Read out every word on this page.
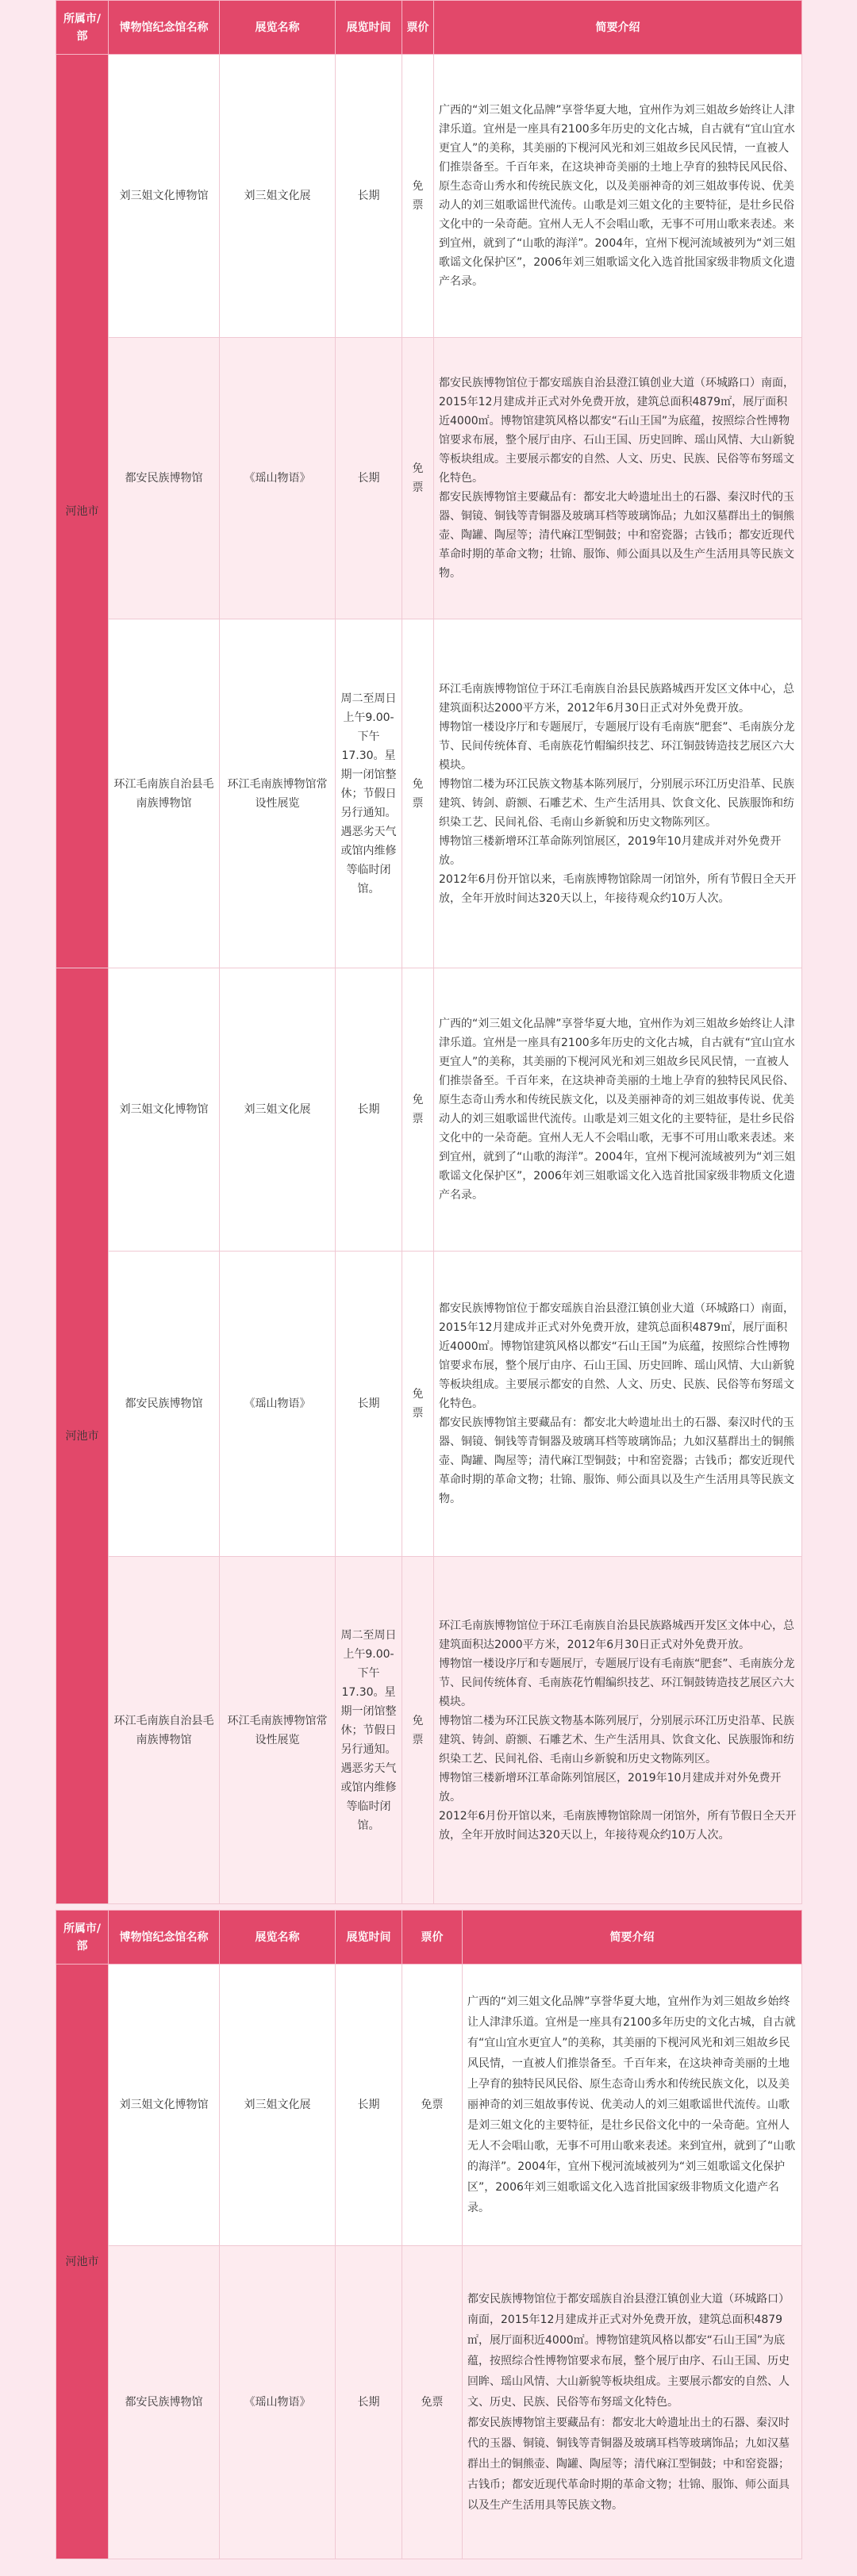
所属市/部	博物馆纪念馆名称	展览名称	展览时间	票价	简要介绍
河池市	刘三姐文化博物馆	刘三姐文化展	长期	免票	广西的“刘三姐文化品牌”享誉华夏大地，宜州作为刘三姐故乡始终让人津津乐道。宜州是一座具有2100多年历史的文化古城，自古就有“宜山宜水更宜人”的美称，其美丽的下枧河风光和刘三姐故乡民风民情，一直被人们推崇备至。千百年来，在这块神奇美丽的土地上孕育的独特民风民俗、原生态奇山秀水和传统民族文化，以及美丽神奇的刘三姐故事传说、优美动人的刘三姐歌谣世代流传。山歌是刘三姐文化的主要特征，是壮乡民俗文化中的一朵奇葩。宜州人无人不会唱山歌，无事不可用山歌来表述。来到宜州，就到了“山歌的海洋”。2004年，宜州下枧河流域被列为“刘三姐歌谣文化保护区”，2006年刘三姐歌谣文化入选首批国家级非物质文化遗产名录。

	都安民族博物馆	《瑶山物语》	长期	免票	都安民族博物馆位于都安瑶族自治县澄江镇创业大道（环城路口）南面，2015年12月建成并正式对外免费开放，建筑总面积4879㎡，展厅面积近4000㎡。博物馆建筑风格以都安“石山王国”为底蕴，按照综合性博物馆要求布展，整个展厅由序、石山王国、历史回眸、瑶山风情、大山新貌等板块组成。主要展示都安的自然、人文、历史、民族、民俗等布努瑶文化特色。
都安民族博物馆主要藏品有：都安北大岭遗址出土的石器、秦汉时代的玉器、铜镜、铜钱等青铜器及玻璃耳档等玻璃饰品；九如汉墓群出土的铜熊壶、陶罐、陶屋等；清代麻江型铜鼓；中和窑瓷器；古钱币；都安近现代革命时期的革命文物；壮锦、服饰、师公面具以及生产生活用具等民族文物。

	环江毛南族自治县毛南族博物馆	环江毛南族博物馆常设性展览	周二至周日上午9.00-下午17.30。星期一闭馆整休；节假日另行通知。遇恶劣天气或馆内维修等临时闭馆。	免票	环江毛南族博物馆位于环江毛南族自治县民族路城西开发区文体中心，总建筑面积达2000平方米，2012年6月30日正式对外免费开放。
博物馆一楼设序厅和专题展厅，专题展厅设有毛南族“肥套”、毛南族分龙节、民间传统体育、毛南族花竹帽编织技艺、环江铜鼓铸造技艺展区六大模块。
博物馆二楼为环江民族文物基本陈列展厅，分别展示环江历史沿革、民族建筑、铸剑、蔚额、石雕艺术、生产生活用具、饮食文化、民族服饰和纺织染工艺、民间礼俗、毛南山乡新貌和历史文物陈列区。
博物馆三楼新增环江革命陈列馆展区，2019年10月建成并对外免费开放。
2012年6月份开馆以来，毛南族博物馆除周一闭馆外，所有节假日全天开放，全年开放时间达320天以上，年接待观众约10万人次。
河池市	刘三姐文化博物馆	刘三姐文化展	长期	免票	广西的“刘三姐文化品牌”享誉华夏大地，宜州作为刘三姐故乡始终让人津津乐道。宜州是一座具有2100多年历史的文化古城，自古就有“宜山宜水更宜人”的美称，其美丽的下枧河风光和刘三姐故乡民风民情，一直被人们推崇备至。千百年来，在这块神奇美丽的土地上孕育的独特民风民俗、原生态奇山秀水和传统民族文化，以及美丽神奇的刘三姐故事传说、优美动人的刘三姐歌谣世代流传。山歌是刘三姐文化的主要特征，是壮乡民俗文化中的一朵奇葩。宜州人无人不会唱山歌，无事不可用山歌来表述。来到宜州，就到了“山歌的海洋”。2004年，宜州下枧河流域被列为“刘三姐歌谣文化保护区”，2006年刘三姐歌谣文化入选首批国家级非物质文化遗产名录。

	都安民族博物馆	《瑶山物语》	长期	免票	都安民族博物馆位于都安瑶族自治县澄江镇创业大道（环城路口）南面，2015年12月建成并正式对外免费开放，建筑总面积4879㎡，展厅面积近4000㎡。博物馆建筑风格以都安“石山王国”为底蕴，按照综合性博物馆要求布展，整个展厅由序、石山王国、历史回眸、瑶山风情、大山新貌等板块组成。主要展示都安的自然、人文、历史、民族、民俗等布努瑶文化特色。
都安民族博物馆主要藏品有：都安北大岭遗址出土的石器、秦汉时代的玉器、铜镜、铜钱等青铜器及玻璃耳档等玻璃饰品；九如汉墓群出土的铜熊壶、陶罐、陶屋等；清代麻江型铜鼓；中和窑瓷器；古钱币；都安近现代革命时期的革命文物；壮锦、服饰、师公面具以及生产生活用具等民族文物。

	环江毛南族自治县毛南族博物馆	环江毛南族博物馆常设性展览	周二至周日上午9.00-下午17.30。星期一闭馆整休；节假日另行通知。遇恶劣天气或馆内维修等临时闭馆。	免票	环江毛南族博物馆位于环江毛南族自治县民族路城西开发区文体中心，总建筑面积达2000平方米，2012年6月30日正式对外免费开放。
博物馆一楼设序厅和专题展厅，专题展厅设有毛南族“肥套”、毛南族分龙节、民间传统体育、毛南族花竹帽编织技艺、环江铜鼓铸造技艺展区六大模块。
博物馆二楼为环江民族文物基本陈列展厅，分别展示环江历史沿革、民族建筑、铸剑、蔚额、石雕艺术、生产生活用具、饮食文化、民族服饰和纺织染工艺、民间礼俗、毛南山乡新貌和历史文物陈列区。
博物馆三楼新增环江革命陈列馆展区，2019年10月建成并对外免费开放。
2012年6月份开馆以来，毛南族博物馆除周一闭馆外，所有节假日全天开放，全年开放时间达320天以上，年接待观众约10万人次。
所属市/部	博物馆纪念馆名称	展览名称	展览时间	票价	简要介绍
河池市	刘三姐文化博物馆	刘三姐文化展	长期	免票	广西的“刘三姐文化品牌”享誉华夏大地，宜州作为刘三姐故乡始终让人津津乐道。宜州是一座具有2100多年历史的文化古城，自古就有“宜山宜水更宜人”的美称，其美丽的下枧河风光和刘三姐故乡民风民情，一直被人们推崇备至。千百年来，在这块神奇美丽的土地上孕育的独特民风民俗、原生态奇山秀水和传统民族文化，以及美丽神奇的刘三姐故事传说、优美动人的刘三姐歌谣世代流传。山歌是刘三姐文化的主要特征，是壮乡民俗文化中的一朵奇葩。宜州人无人不会唱山歌，无事不可用山歌来表述。来到宜州，就到了“山歌的海洋”。2004年，宜州下枧河流域被列为“刘三姐歌谣文化保护区”，2006年刘三姐歌谣文化入选首批国家级非物质文化遗产名录。

	都安民族博物馆	《瑶山物语》	长期	免票	都安民族博物馆位于都安瑶族自治县澄江镇创业大道（环城路口）南面，2015年12月建成并正式对外免费开放，建筑总面积4879㎡，展厅面积近4000㎡。博物馆建筑风格以都安“石山王国”为底蕴，按照综合性博物馆要求布展，整个展厅由序、石山王国、历史回眸、瑶山风情、大山新貌等板块组成。主要展示都安的自然、人文、历史、民族、民俗等布努瑶文化特色。
都安民族博物馆主要藏品有：都安北大岭遗址出土的石器、秦汉时代的玉器、铜镜、铜钱等青铜器及玻璃耳档等玻璃饰品；九如汉墓群出土的铜熊壶、陶罐、陶屋等；清代麻江型铜鼓；中和窑瓷器；古钱币；都安近现代革命时期的革命文物；壮锦、服饰、师公面具以及生产生活用具等民族文物。
